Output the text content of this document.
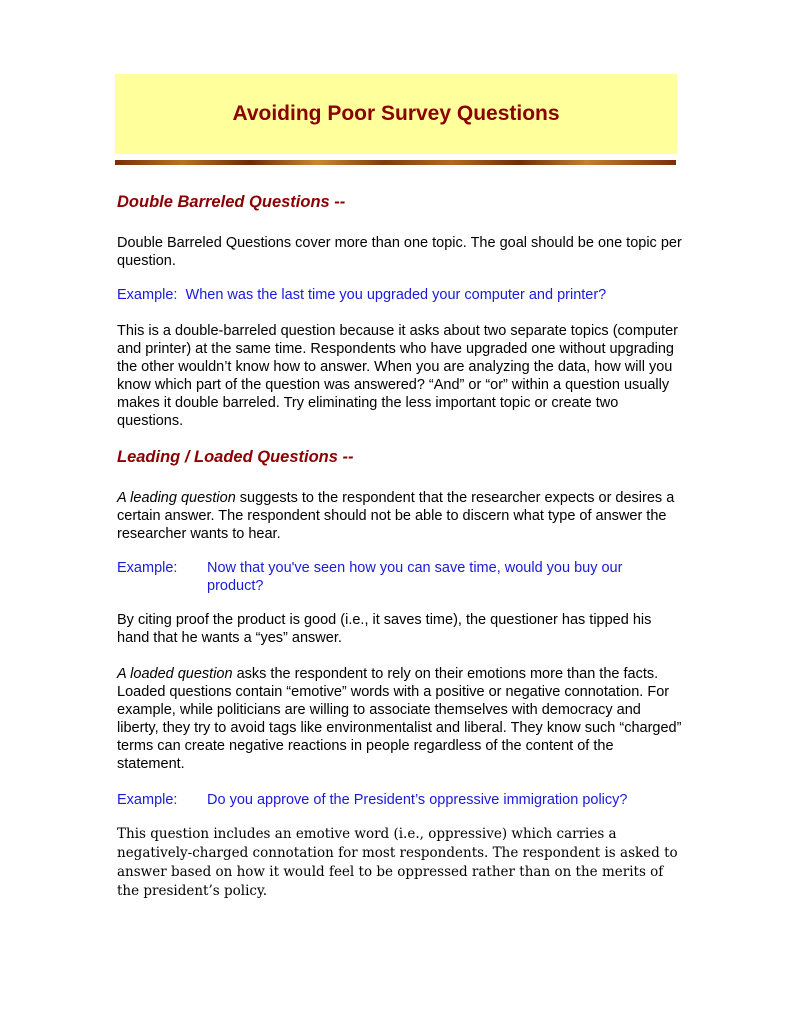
Avoiding Poor Survey Questions
Double Barreled Questions --

Double Barreled Questions cover more than one topic. The goal should be one topic per question.

Example: When was the last time you upgraded your computer and printer?

This is a double-barreled question because it asks about two separate topics (computer and printer) at the same time. Respondents who have upgraded one without upgrading the other wouldn’t know how to answer. When you are analyzing the data, how will you know which part of the question was answered? “And” or “or” within a question usually makes it double barreled. Try eliminating the less important topic or create two questions.

Leading / Loaded Questions --

A leading question suggests to the respondent that the researcher expects or desires a certain answer. The respondent should not be able to discern what type of answer the researcher wants to hear.

Example:	Now that you've seen how you can save time, would you buy our product?

By citing proof the product is good (i.e., it saves time), the questioner has tipped his hand that he wants a “yes” answer.

A loaded question asks the respondent to rely on their emotions more than the facts. Loaded questions contain “emotive” words with a positive or negative connotation. For example, while politicians are willing to associate themselves with democracy and liberty, they try to avoid tags like environmentalist and liberal. They know such “charged” terms can create negative reactions in people regardless of the content of the statement.

Example:	Do you approve of the President’s oppressive immigration policy?

This question includes an emotive word (i.e., oppressive) which carries a negatively-charged connotation for most respondents. The respondent is asked to answer based on how it would feel to be oppressed rather than on the merits of the president’s policy.
